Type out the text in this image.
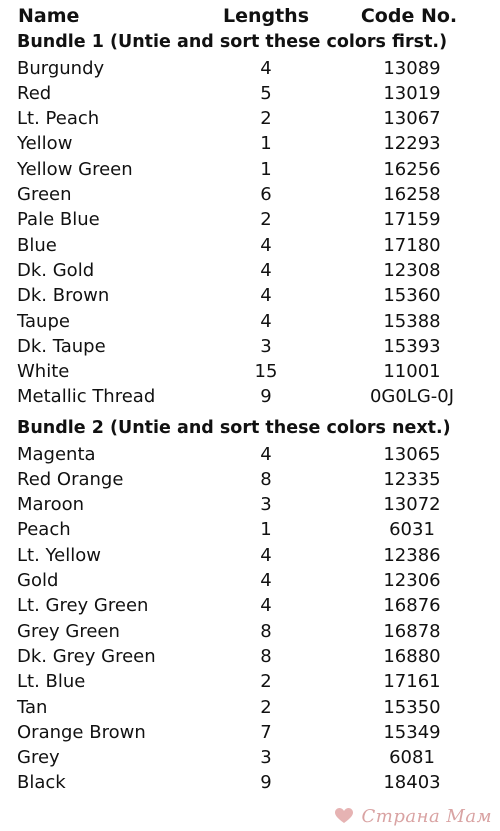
Name	Lengths	Code No.
Bundle 1 (Untie and sort these colors first.)
Burgundy	4	13089
Red	5	13019
Lt. Peach	2	13067
Yellow	1	12293
Yellow Green	1	16256
Green	6	16258
Pale Blue	2	17159
Blue	4	17180
Dk. Gold	4	12308
Dk. Brown	4	15360
Taupe	4	15388
Dk. Taupe	3	15393
White	15	11001
Metallic Thread	9	0G0LG-0J
Bundle 2 (Untie and sort these colors next.)
Magenta	4	13065
Red Orange	8	12335
Maroon	3	13072
Peach	1	6031
Lt. Yellow	4	12386
Gold	4	12306
Lt. Grey Green	4	16876
Grey Green	8	16878
Dk. Grey Green	8	16880
Lt. Blue	2	17161
Tan	2	15350
Orange Brown	7	15349
Grey	3	6081
Black	9	18403
Страна Мам
